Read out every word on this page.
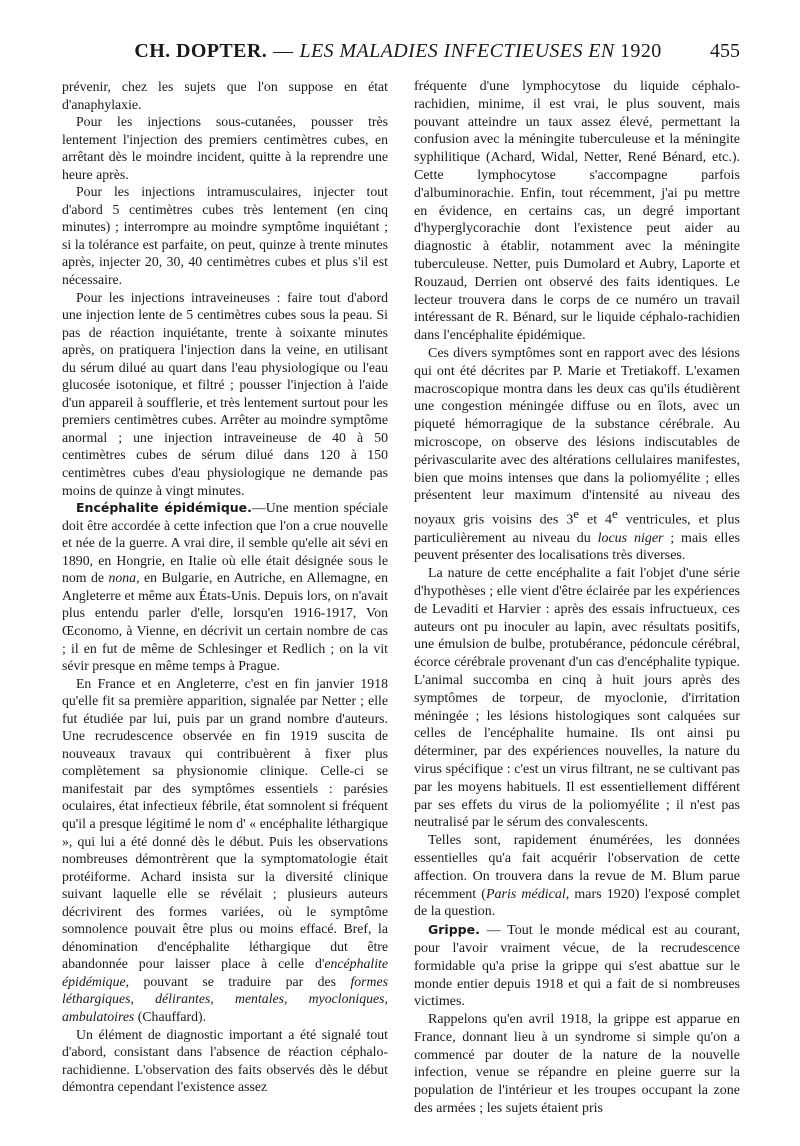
CH. DOPTER. — LES MALADIES INFECTIEUSES EN 1920	455

prévenir, chez les sujets que l'on suppose en état d'anaphylaxie.

Pour les injections sous-cutanées, pousser très lentement l'injection des premiers centimètres cubes, en arrêtant dès le moindre incident, quitte à la reprendre une heure après.

Pour les injections intramusculaires, injecter tout d'abord 5 centimètres cubes très lentement (en cinq minutes) ; interrompre au moindre symptôme inquiétant ; si la tolérance est parfaite, on peut, quinze à trente minutes après, injecter 20, 30, 40 centimètres cubes et plus s'il est nécessaire.

Pour les injections intraveineuses : faire tout d'abord une injection lente de 5 centimètres cubes sous la peau. Si pas de réaction inquiétante, trente à soixante minutes après, on pratiquera l'injection dans la veine, en utilisant du sérum dilué au quart dans l'eau physiologique ou l'eau glucosée isotonique, et filtré ; pousser l'injection à l'aide d'un appareil à soufflerie, et très lentement surtout pour les premiers centimètres cubes. Arrêter au moindre symptôme anormal ; une injection intraveineuse de 40 à 50 centimètres cubes de sérum dilué dans 120 à 150 centimètres cubes d'eau physiologique ne demande pas moins de quinze à vingt minutes.

Encéphalite épidémique.—Une mention spéciale doit être accordée à cette infection que l'on a crue nouvelle et née de la guerre. A vrai dire, il semble qu'elle ait sévi en 1890, en Hongrie, en Italie où elle était désignée sous le nom de nona, en Bulgarie, en Autriche, en Allemagne, en Angleterre et même aux États-Unis. Depuis lors, on n'avait plus entendu parler d'elle, lorsqu'en 1916-1917, Von Œconomo, à Vienne, en décrivit un certain nombre de cas ; il en fut de même de Schlesinger et Redlich ; on la vit sévir presque en même temps à Prague.

En France et en Angleterre, c'est en fin janvier 1918 qu'elle fit sa première apparition, signalée par Netter ; elle fut étudiée par lui, puis par un grand nombre d'auteurs. Une recrudescence observée en fin 1919 suscita de nouveaux travaux qui contribuèrent à fixer plus complètement sa physionomie clinique. Celle-ci se manifestait par des symptômes essentiels : parésies oculaires, état infectieux fébrile, état somnolent si fréquent qu'il a presque légitimé le nom d' « encéphalite léthargique », qui lui a été donné dès le début. Puis les observations nombreuses démontrèrent que la symptomatologie était protéiforme. Achard insista sur la diversité clinique suivant laquelle elle se révélait ; plusieurs auteurs décrivirent des formes variées, où le symptôme somnolence pouvait être plus ou moins effacé. Bref, la dénomination d'encéphalite léthargique dut être abandonnée pour laisser place à celle d'encéphalite épidémique, pouvant se traduire par des formes léthargiques, délirantes, mentales, myocloniques, ambulatoires (Chauffard).

Un élément de diagnostic important a été signalé tout d'abord, consistant dans l'absence de réaction céphalo-rachidienne. L'observation des faits observés dès le début démontra cependant l'existence assez

fréquente d'une lymphocytose du liquide céphalo-rachidien, minime, il est vrai, le plus souvent, mais pouvant atteindre un taux assez élevé, permettant la confusion avec la méningite tuberculeuse et la méningite syphilitique (Achard, Widal, Netter, René Bénard, etc.). Cette lymphocytose s'accompagne parfois d'albuminorachie. Enfin, tout récemment, j'ai pu mettre en évidence, en certains cas, un degré important d'hyperglycorachie dont l'existence peut aider au diagnostic à établir, notamment avec la méningite tuberculeuse. Netter, puis Dumolard et Aubry, Laporte et Rouzaud, Derrien ont observé des faits identiques. Le lecteur trouvera dans le corps de ce numéro un travail intéressant de R. Bénard, sur le liquide céphalo-rachidien dans l'encéphalite épidémique.

Ces divers symptômes sont en rapport avec des lésions qui ont été décrites par P. Marie et Tretiakoff. L'examen macroscopique montra dans les deux cas qu'ils étudièrent une congestion méningée diffuse ou en îlots, avec un piqueté hémorragique de la substance cérébrale. Au microscope, on observe des lésions indiscutables de périvascularite avec des altérations cellulaires manifestes, bien que moins intenses que dans la poliomyélite ; elles présentent leur maximum d'intensité au niveau des noyaux gris voisins des 3e et 4e ventricules, et plus particulièrement au niveau du locus niger ; mais elles peuvent présenter des localisations très diverses.

La nature de cette encéphalite a fait l'objet d'une série d'hypothèses ; elle vient d'être éclairée par les expériences de Levaditi et Harvier : après des essais infructueux, ces auteurs ont pu inoculer au lapin, avec résultats positifs, une émulsion de bulbe, protubérance, pédoncule cérébral, écorce cérébrale provenant d'un cas d'encéphalite typique. L'animal succomba en cinq à huit jours après des symptômes de torpeur, de myoclonie, d'irritation méningée ; les lésions histologiques sont calquées sur celles de l'encéphalite humaine. Ils ont ainsi pu déterminer, par des expériences nouvelles, la nature du virus spécifique : c'est un virus filtrant, ne se cultivant pas par les moyens habituels. Il est essentiellement différent par ses effets du virus de la poliomyélite ; il n'est pas neutralisé par le sérum des convalescents.

Telles sont, rapidement énumérées, les données essentielles qu'a fait acquérir l'observation de cette affection. On trouvera dans la revue de M. Blum parue récemment (Paris médical, mars 1920) l'exposé complet de la question.

Grippe. — Tout le monde médical est au courant, pour l'avoir vraiment vécue, de la recrudescence formidable qu'a prise la grippe qui s'est abattue sur le monde entier depuis 1918 et qui a fait de si nombreuses victimes.

Rappelons qu'en avril 1918, la grippe est apparue en France, donnant lieu à un syndrome si simple qu'on a commencé par douter de la nature de la nouvelle infection, venue se répandre en pleine guerre sur la population de l'intérieur et les troupes occupant la zone des armées ; les sujets étaient pris
